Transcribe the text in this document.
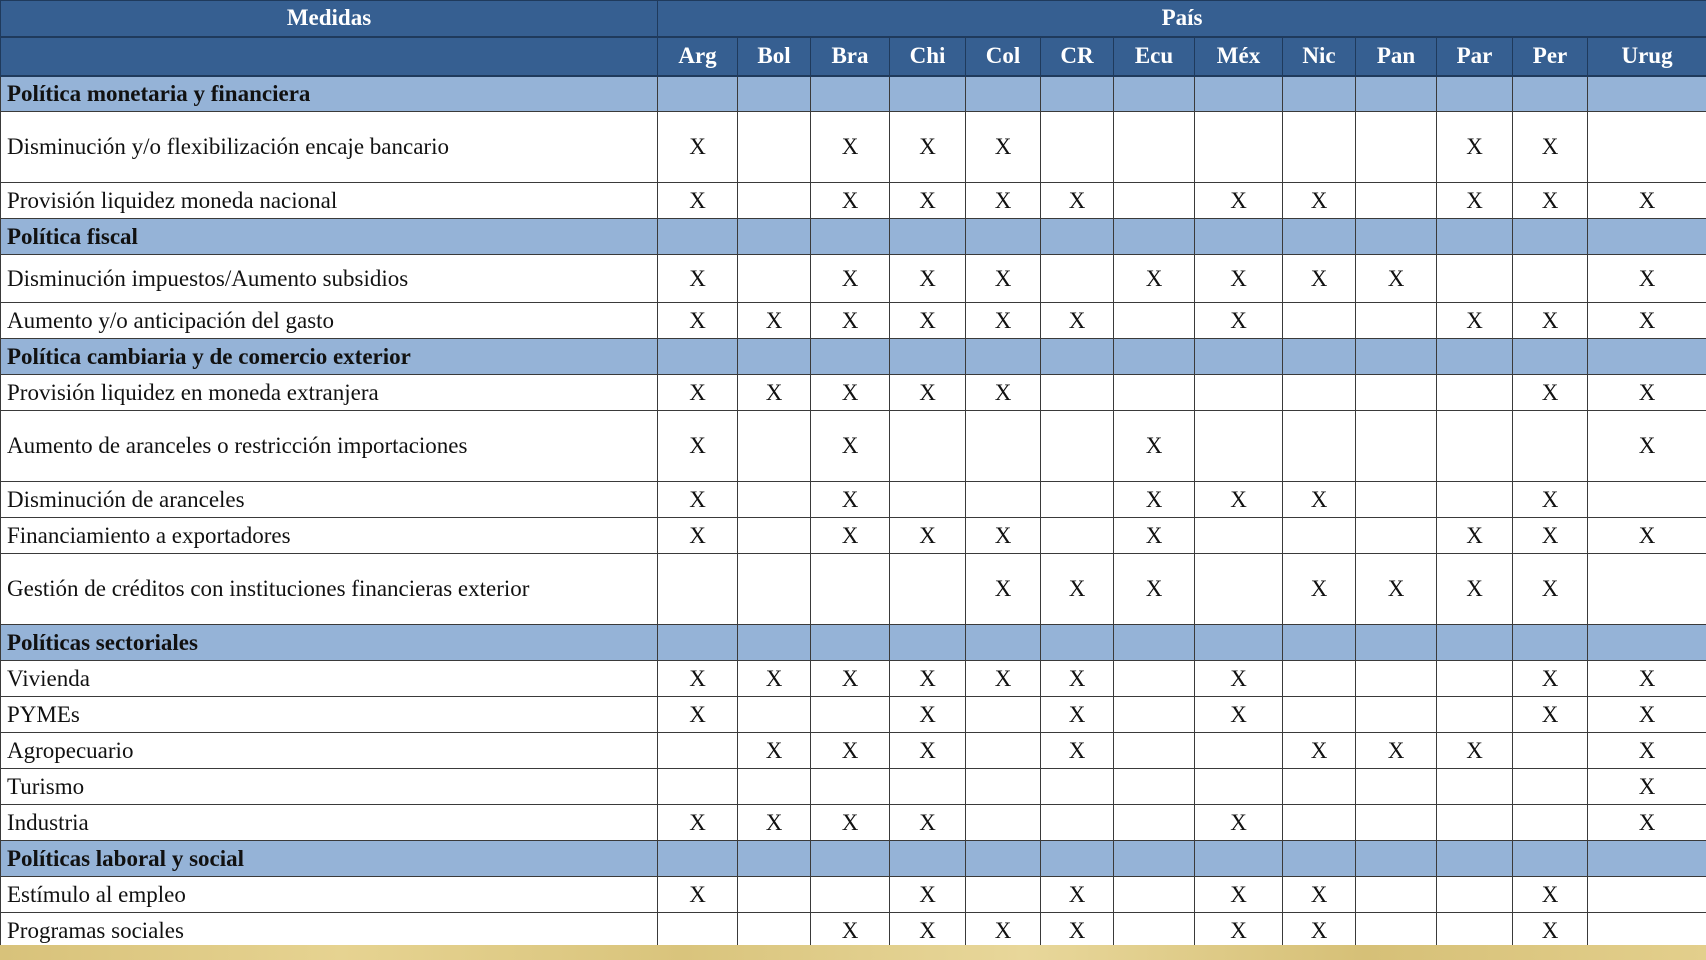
Medidas	País												
	Arg	Bol	Bra	Chi	Col	CR	Ecu	Méx	Nic	Pan	Par	Per	Urug
Política monetaria y financiera													
Disminución y/o flexibilización encaje bancario	X		X	X	X						X	X	
Provisión liquidez moneda nacional	X		X	X	X	X		X	X		X	X	X
Política fiscal													
Disminución impuestos/Aumento subsidios	X		X	X	X		X	X	X	X			X
Aumento y/o anticipación del gasto	X	X	X	X	X	X		X			X	X	X
Política cambiaria y de comercio exterior													
Provisión liquidez en moneda extranjera	X	X	X	X	X							X	X
Aumento de aranceles o restricción importaciones	X		X				X						X
Disminución de aranceles	X		X				X	X	X			X	
Financiamiento a exportadores	X		X	X	X		X				X	X	X
Gestión de créditos con instituciones financieras exterior					X	X	X		X	X	X	X	
Políticas sectoriales													
Vivienda	X	X	X	X	X	X		X				X	X
PYMEs	X			X		X		X				X	X
Agropecuario		X	X	X		X			X	X	X		X
Turismo													X
Industria	X	X	X	X				X					X
Políticas laboral y social													
Estímulo al empleo	X			X		X		X	X			X	
Programas sociales			X	X	X	X		X	X			X	
